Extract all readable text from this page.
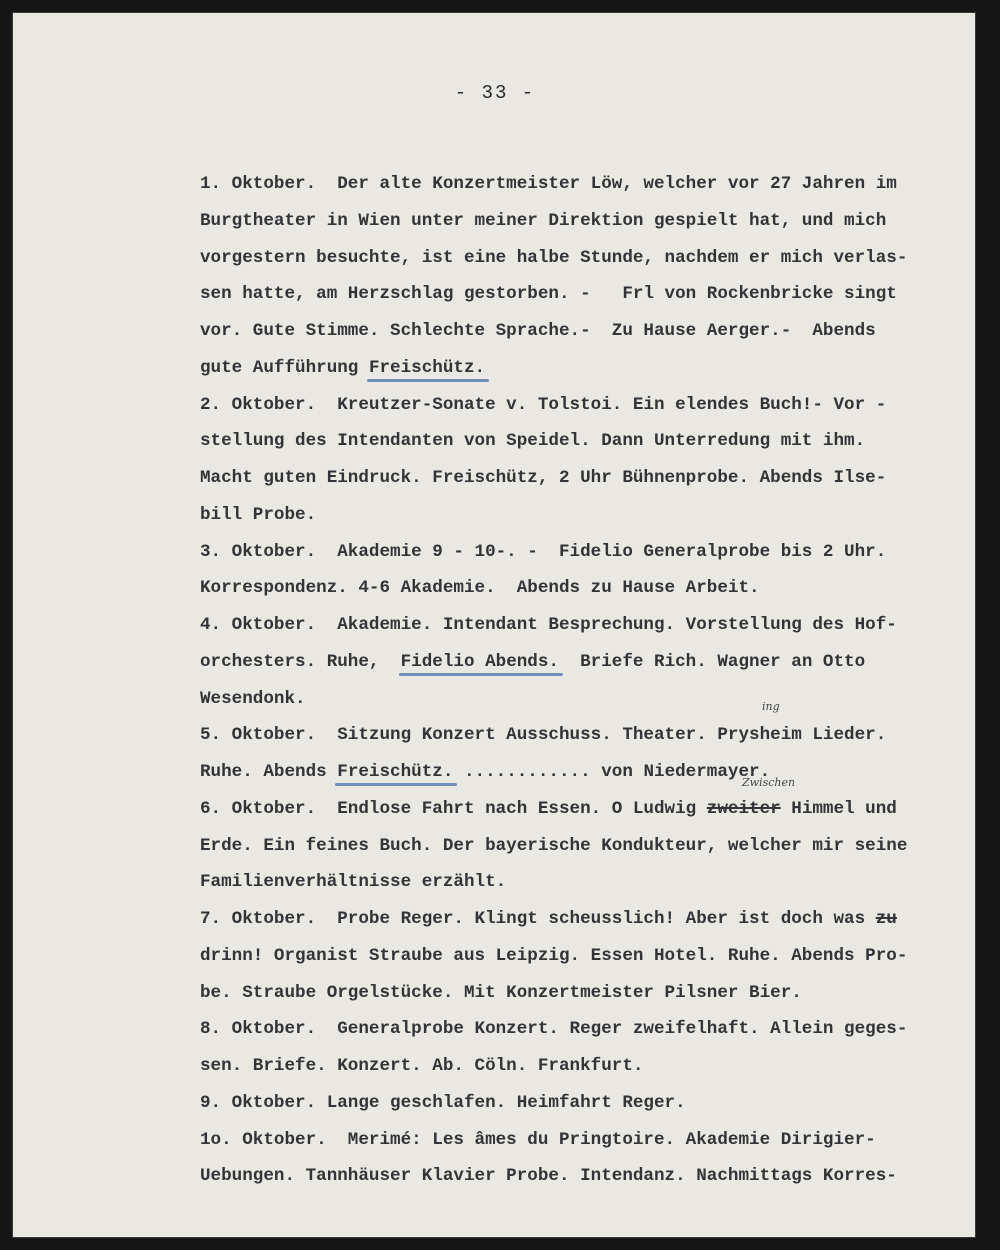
- 33 -
1. Oktober.  Der alte Konzertmeister Löw, welcher vor 27 Jahren im
Burgtheater in Wien unter meiner Direktion gespielt hat, und mich
vorgestern besuchte, ist eine halbe Stunde, nachdem er mich verlas-
sen hatte, am Herzschlag gestorben. -   Frl von Rockenbricke singt
vor. Gute Stimme. Schlechte Sprache.-  Zu Hause Aerger.-  Abends
gute Aufführung Freischütz.
2. Oktober.  Kreutzer-Sonate v. Tolstoi. Ein elendes Buch!- Vor -
stellung des Intendanten von Speidel. Dann Unterredung mit ihm.
Macht guten Eindruck. Freischütz, 2 Uhr Bühnenprobe. Abends Ilse-
bill Probe.
3. Oktober.  Akademie 9 - 10-. -  Fidelio Generalprobe bis 2 Uhr.
Korrespondenz. 4-6 Akademie.  Abends zu Hause Arbeit.
4. Oktober.  Akademie. Intendant Besprechung. Vorstellung des Hof-
orchesters. Ruhe,  Fidelio Abends.  Briefe Rich. Wagner an Otto
Wesendonk.
5. Oktober.  Sitzung Konzert Ausschuss. Theater. Prysheim Lieder.
Ruhe. Abends Freischütz. ............ von Niedermayer.
6. Oktober.  Endlose Fahrt nach Essen. O Ludwig zweiter Himmel und
Erde. Ein feines Buch. Der bayerische Kondukteur, welcher mir seine
Familienverhältnisse erzählt.
7. Oktober.  Probe Reger. Klingt scheusslich! Aber ist doch was zu
drinn! Organist Straube aus Leipzig. Essen Hotel. Ruhe. Abends Pro-
be. Straube Orgelstücke. Mit Konzertmeister Pilsner Bier.
8. Oktober.  Generalprobe Konzert. Reger zweifelhaft. Allein geges-
sen. Briefe. Konzert. Ab. Cöln. Frankfurt.
9. Oktober. Lange geschlafen. Heimfahrt Reger.
1o. Oktober.  Merimé: Les âmes du Pringtoire. Akademie Dirigier-
Uebungen. Tannhäuser Klavier Probe. Intendanz. Nachmittags Korres-
ing
Zwischen
